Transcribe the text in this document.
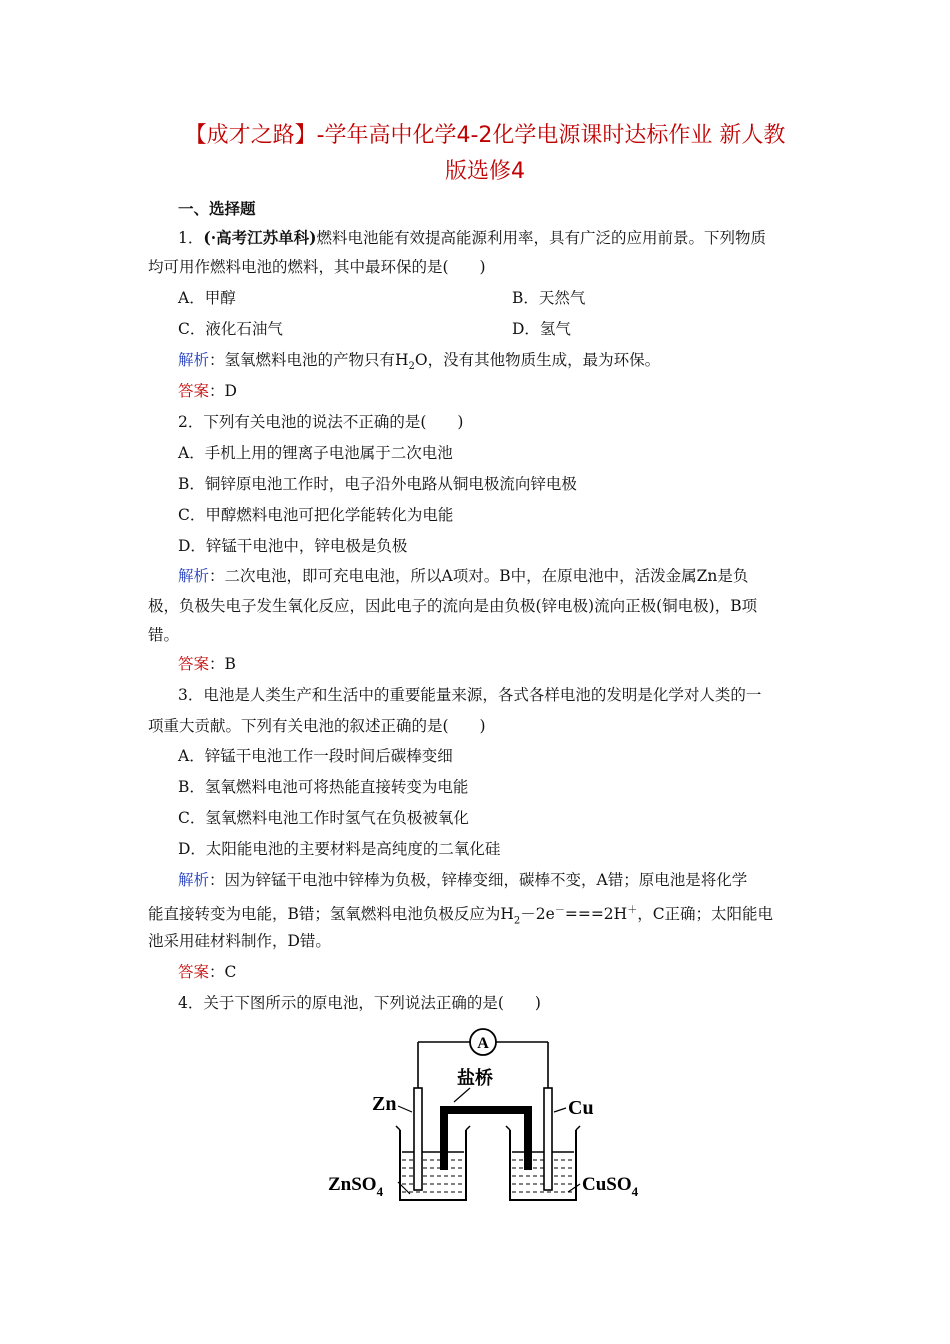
【成才之路】-学年高中化学4-2化学电源课时达标作业 新人教
版选修4
一、选择题
1．(·高考江苏单科)燃料电池能有效提高能源利用率，具有广泛的应用前景。下列物质
均可用作燃料电池的燃料，其中最环保的是(　　)
A．甲醇	B．天然气
C．液化石油气	D．氢气
解析：氢氧燃料电池的产物只有$H_2O$，没有其他物质生成，最为环保。
答案：D
2．下列有关电池的说法不正确的是(　　)
A．手机上用的锂离子电池属于二次电池
B．铜锌原电池工作时，电子沿外电路从铜电极流向锌电极
C．甲醇燃料电池可把化学能转化为电能
D．锌锰干电池中，锌电极是负极
解析：二次电池，即可充电电池，所以A项对。B中，在原电池中，活泼金属Zn是负
极，负极失电子发生氧化反应，因此电子的流向是由负极(锌电极)流向正极(铜电极)，B项
错。
答案：B
3．电池是人类生产和生活中的重要能量来源，各式各样电池的发明是化学对人类的一
项重大贡献。下列有关电池的叙述正确的是(　　)
A．锌锰干电池工作一段时间后碳棒变细
B．氢氧燃料电池可将热能直接转变为电能
C．氢氧燃料电池工作时氢气在负极被氧化
D．太阳能电池的主要材料是高纯度的二氧化硅
解析：因为锌锰干电池中锌棒为负极，锌棒变细，碳棒不变，A错；原电池是将化学
能直接转变为电能，B错；氢氧燃料电池负极反应为$H_2-2e^-===2H^+$，C正确；太阳能电
池采用硅材料制作，D错。
答案：C
4．关于下图所示的原电池，下列说法正确的是(　　)
A
盐桥
Zn	Cu
ZnSO$_4$	CuSO$_4$
